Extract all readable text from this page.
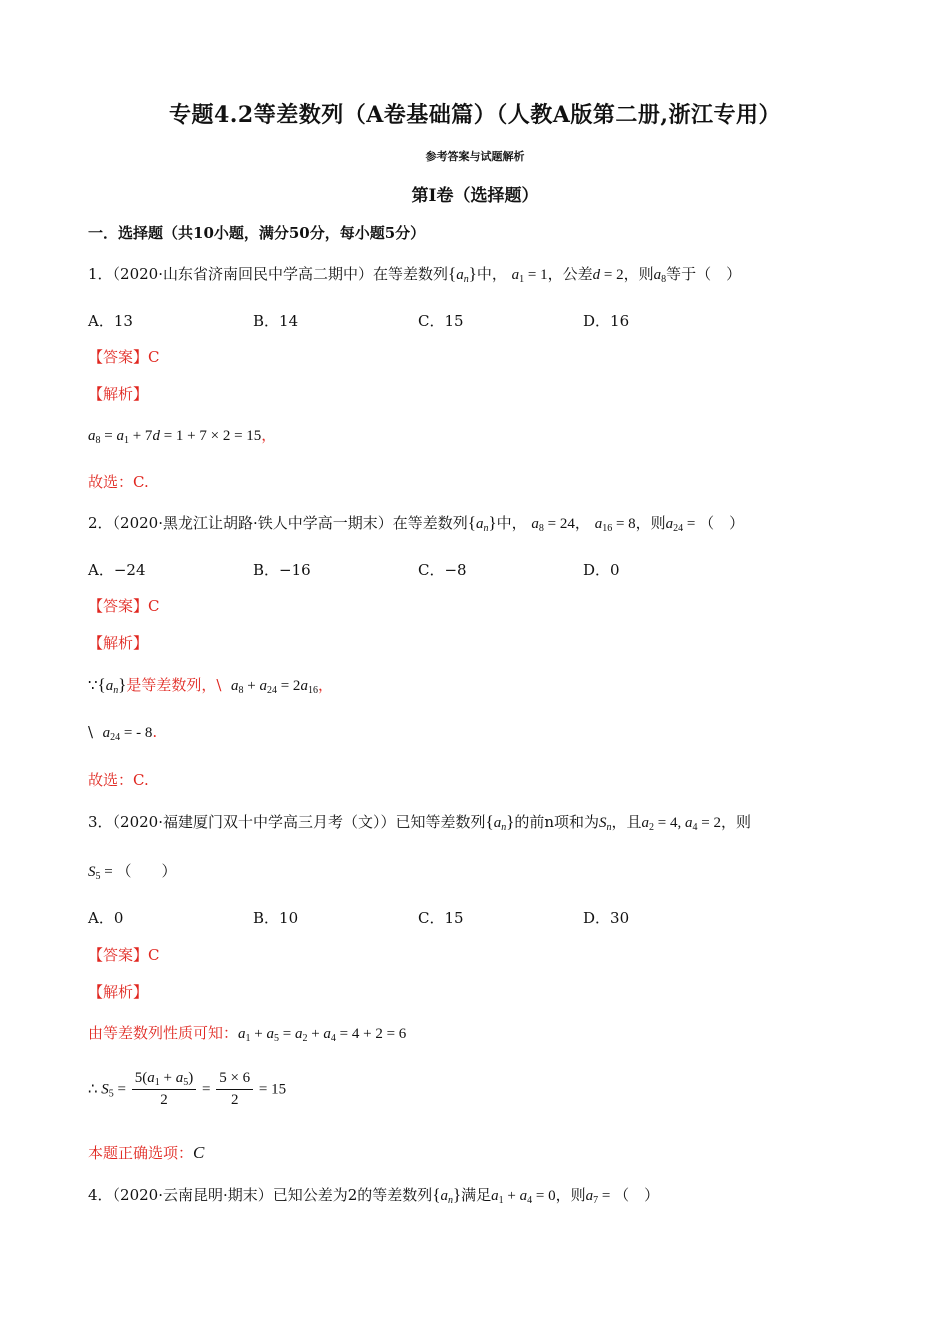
专题4.2等差数列（A卷基础篇）（人教A版第二册,浙江专用）
参考答案与试题解析
第Ⅰ卷（选择题）
一．选择题（共10小题，满分50分，每小题5分）
1．（2020·山东省济南回民中学高二期中）在等差数列$\{a_n\}$中， $a_1 = 1$，公差d = 2，则$a_8$等于（　）
A．13	B．14	C．15	D．16
【答案】C
【解析】
$a_8 = a_1 + 7d = 1 + 7 \times 2 = 15$，
故选：C.
2．（2020·黑龙江让胡路·铁人中学高一期末）在等差数列$\{a_n\}$中， $a_8 = 24$， $a_{16} = 8$，则$a_{24}$ = （　）
A．−24	B．−16	C．−8	D．0
【答案】C
【解析】
$\because\{a_n\}$是等差数列，\ $a_8 + a_{24} = 2a_{16}$，
\ $a_{24}$ = - 8.
故选：C.
3．（2020·福建厦门双十中学高三月考（文））已知等差数列$\{a_n\}$的前n项和为$S_n$，且$a_2 = 4$, $a_4 = 2$，则
$S_5$ = （　　）
A．0	B．10	C．15	D．30
【答案】C
【解析】
由等差数列性质可知：$a_1 + a_5 = a_2 + a_4 = 4 + 2 = 6$
∴ $S_5 = \frac{5(a_1 + a_5)}{2} = \frac{5 \times 6}{2} = 15$
本题正确选项：C
4．（2020·云南昆明·期末）已知公差为2的等差数列$\{a_n\}$满足$a_1 + a_4 = 0$，则$a_7$ = （　）
